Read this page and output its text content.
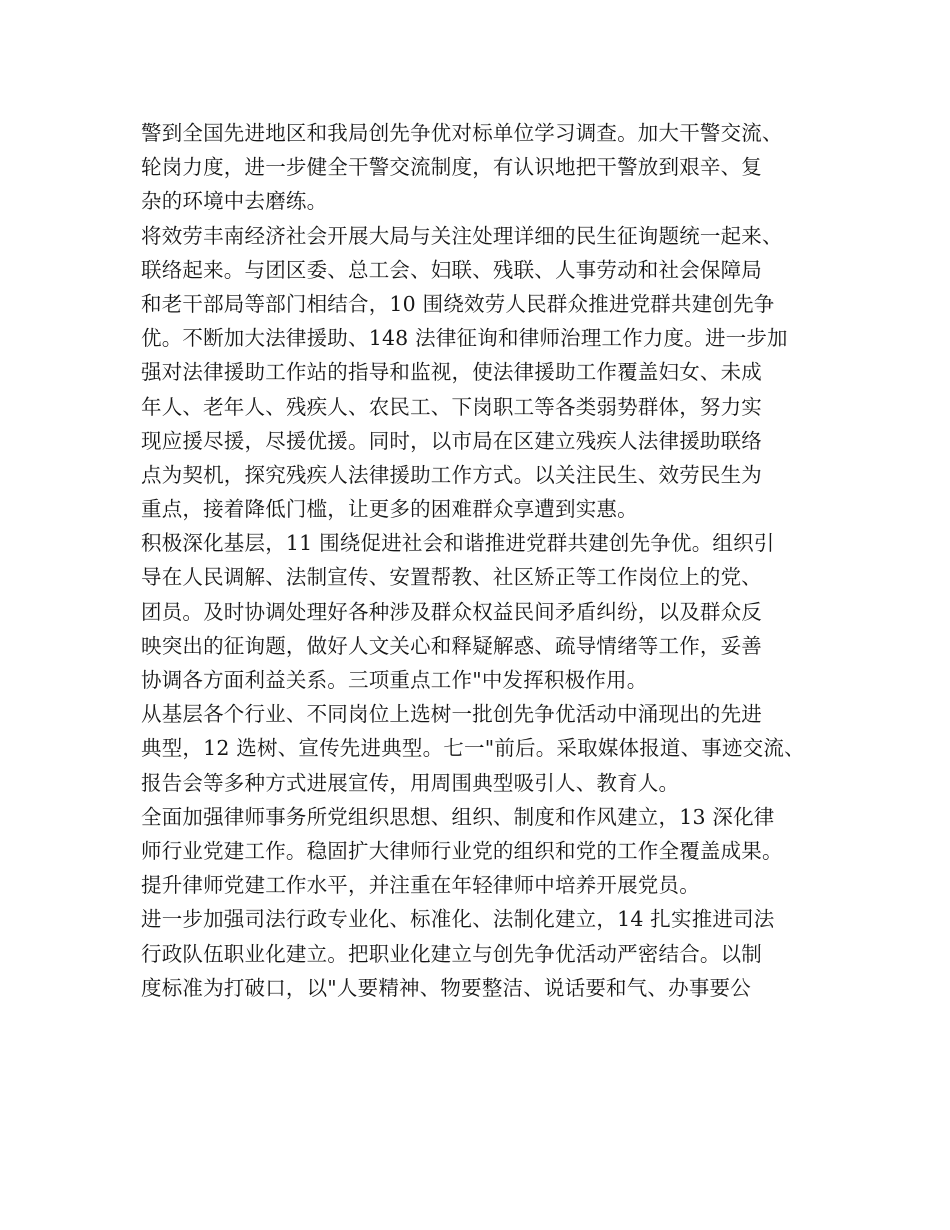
警到全国先进地区和我局创先争优对标单位学习调查。加大干警交流、
轮岗力度，进一步健全干警交流制度，有认识地把干警放到艰辛、复
杂的环境中去磨练。
将效劳丰南经济社会开展大局与关注处理详细的民生征询题统一起来、
联络起来。与团区委、总工会、妇联、残联、人事劳动和社会保障局
和老干部局等部门相结合，10 围绕效劳人民群众推进党群共建创先争
优。不断加大法律援助、148 法律征询和律师治理工作力度。进一步加
强对法律援助工作站的指导和监视，使法律援助工作覆盖妇女、未成
年人、老年人、残疾人、农民工、下岗职工等各类弱势群体，努力实
现应援尽援，尽援优援。同时，以市局在区建立残疾人法律援助联络
点为契机，探究残疾人法律援助工作方式。以关注民生、效劳民生为
重点，接着降低门槛，让更多的困难群众享遭到实惠。
积极深化基层，11 围绕促进社会和谐推进党群共建创先争优。组织引
导在人民调解、法制宣传、安置帮教、社区矫正等工作岗位上的党、
团员。及时协调处理好各种涉及群众权益民间矛盾纠纷，以及群众反
映突出的征询题，做好人文关心和释疑解惑、疏导情绪等工作，妥善
协调各方面利益关系。三项重点工作"中发挥积极作用。
从基层各个行业、不同岗位上选树一批创先争优活动中涌现出的先进
典型，12 选树、宣传先进典型。七一"前后。采取媒体报道、事迹交流、
报告会等多种方式进展宣传，用周围典型吸引人、教育人。
全面加强律师事务所党组织思想、组织、制度和作风建立，13 深化律
师行业党建工作。稳固扩大律师行业党的组织和党的工作全覆盖成果。
提升律师党建工作水平，并注重在年轻律师中培养开展党员。
进一步加强司法行政专业化、标准化、法制化建立，14 扎实推进司法
行政队伍职业化建立。把职业化建立与创先争优活动严密结合。以制
度标准为打破口，以"人要精神、物要整洁、说话要和气、办事要公
